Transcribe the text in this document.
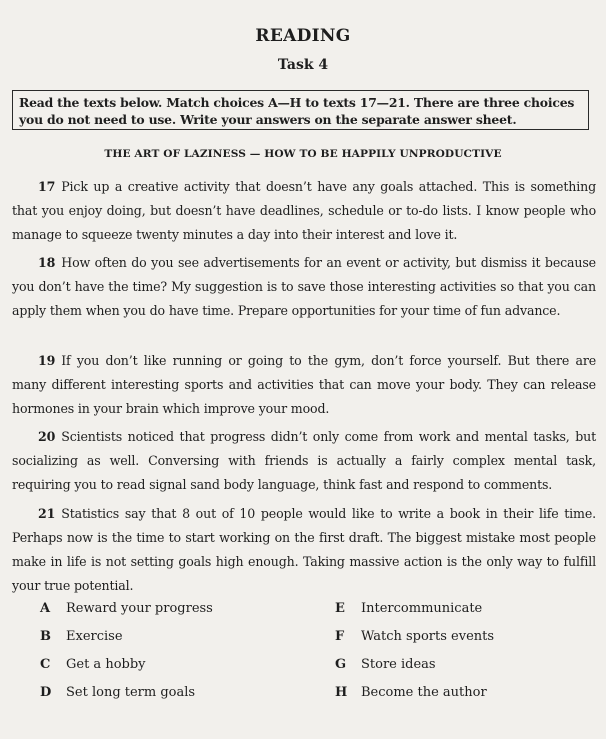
READING
Task 4
Read the texts below. Match choices A—H to texts 17—21. There are three choices you do not need to use. Write your answers on the separate answer sheet.
THE ART OF LAZINESS — HOW TO BE HAPPILY UNPRODUCTIVE

17 Pick up a creative activity that doesn’t have any goals attached. This is something that you enjoy doing, but doesn’t have deadlines, schedule or to-do lists. I know people who manage to squeeze twenty minutes a day into their interest and love it.

18 How often do you see advertisements for an event or activity, but dismiss it because you don’t have the time? My suggestion is to save those interesting activities so that you can apply them when you do have time. Prepare opportunities for your time of fun advance.

19 If you don’t like running or going to the gym, don’t force yourself. But there are many different interesting sports and activities that can move your body. They can release hormones in your brain which improve your mood.

20 Scientists noticed that progress didn’t only come from work and mental tasks, but socializing as well. Conversing with friends is actually a fairly complex mental task, requiring you to read signal sand body language, think fast and respond to comments.

21 Statistics say that 8 out of 10 people would like to write a book in their life time. Perhaps now is the time to start working on the first draft. The biggest mistake most people make in life is not setting goals high enough. Taking massive action is the only way to fulfill your true potential.

A Reward your progress
B Exercise
C Get a hobby
D Set long term goals
E Intercommunicate
F Watch sports events
G Store ideas
H Become the author
